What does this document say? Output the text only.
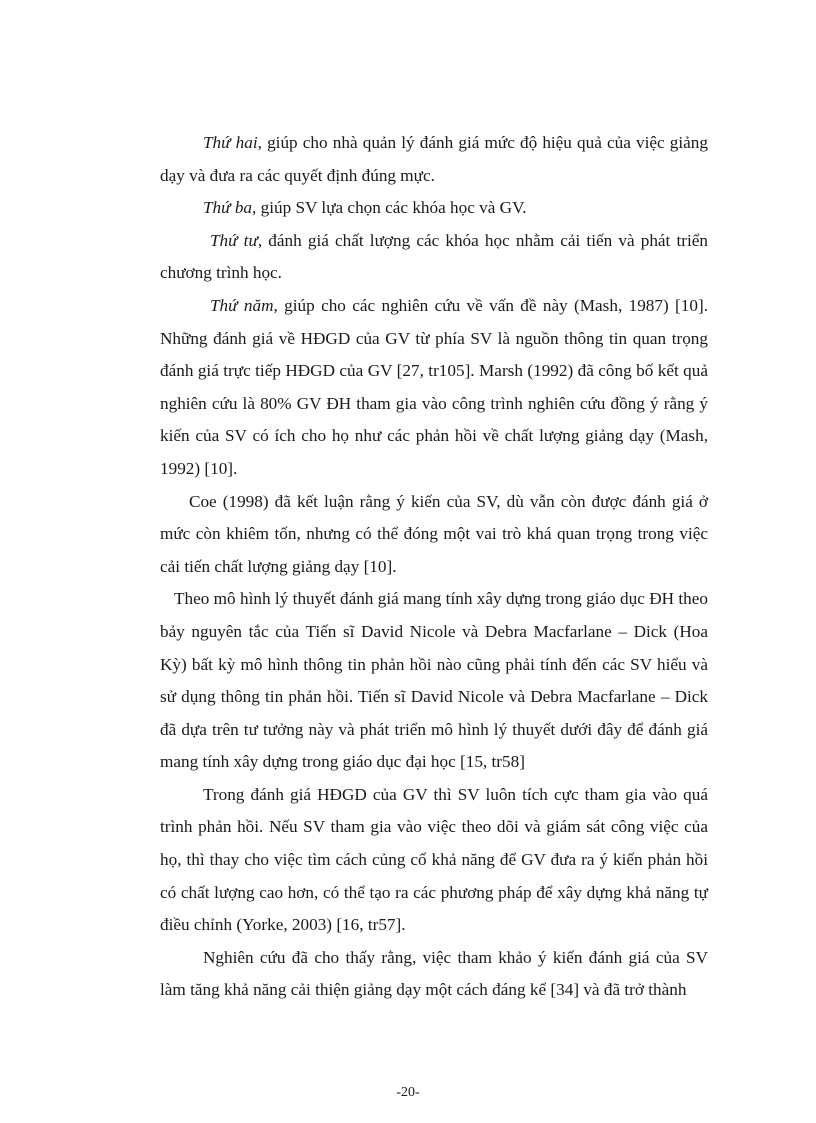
Thứ hai, giúp cho nhà quản lý đánh giá mức độ hiệu quả của việc giảng dạy và đưa ra các quyết định đúng mực.

Thứ ba, giúp SV lựa chọn các khóa học và GV.

Thứ tư, đánh giá chất lượng các khóa học nhằm cải tiến và phát triển chương trình học.

Thứ năm, giúp cho các nghiên cứu về vấn đề này (Mash, 1987) [10]. Những đánh giá về HĐGD của GV từ phía SV là nguồn thông tin quan trọng đánh giá trực tiếp HĐGD của GV [27, tr105]. Marsh (1992) đã công bố kết quả nghiên cứu là 80% GV ĐH tham gia vào công trình nghiên cứu đồng ý rằng ý kiến của SV có ích cho họ như các phản hồi về chất lượng giảng dạy (Mash, 1992) [10].

Coe (1998) đã kết luận rằng ý kiến của SV, dù vẫn còn được đánh giá ở mức còn khiêm tốn, nhưng có thể đóng một vai trò khá quan trọng trong việc cải tiến chất lượng giảng dạy [10].

Theo mô hình lý thuyết đánh giá mang tính xây dựng trong giáo dục ĐH theo bảy nguyên tắc của Tiến sĩ David Nicole và Debra Macfarlane – Dick (Hoa Kỳ) bất kỳ mô hình thông tin phản hồi nào cũng phải tính đến các SV hiểu và sử dụng thông tin phản hồi. Tiến sĩ David Nicole và Debra Macfarlane – Dick đã dựa trên tư tưởng này và phát triển mô hình lý thuyết dưới đây để đánh giá mang tính xây dựng trong giáo dục đại học [15, tr58]

Trong đánh giá HĐGD của GV thì SV luôn tích cực tham gia vào quá trình phản hồi. Nếu SV tham gia vào việc theo dõi và giám sát công việc của họ, thì thay cho việc tìm cách củng cố khả năng để GV đưa ra ý kiến phản hồi có chất lượng cao hơn, có thể tạo ra các phương pháp để xây dựng khả năng tự điều chỉnh (Yorke, 2003) [16, tr57].

Nghiên cứu đã cho thấy rằng, việc tham khảo ý kiến đánh giá của SV làm tăng khả năng cải thiện giảng dạy một cách đáng kể [34] và đã trở thành

-20-
